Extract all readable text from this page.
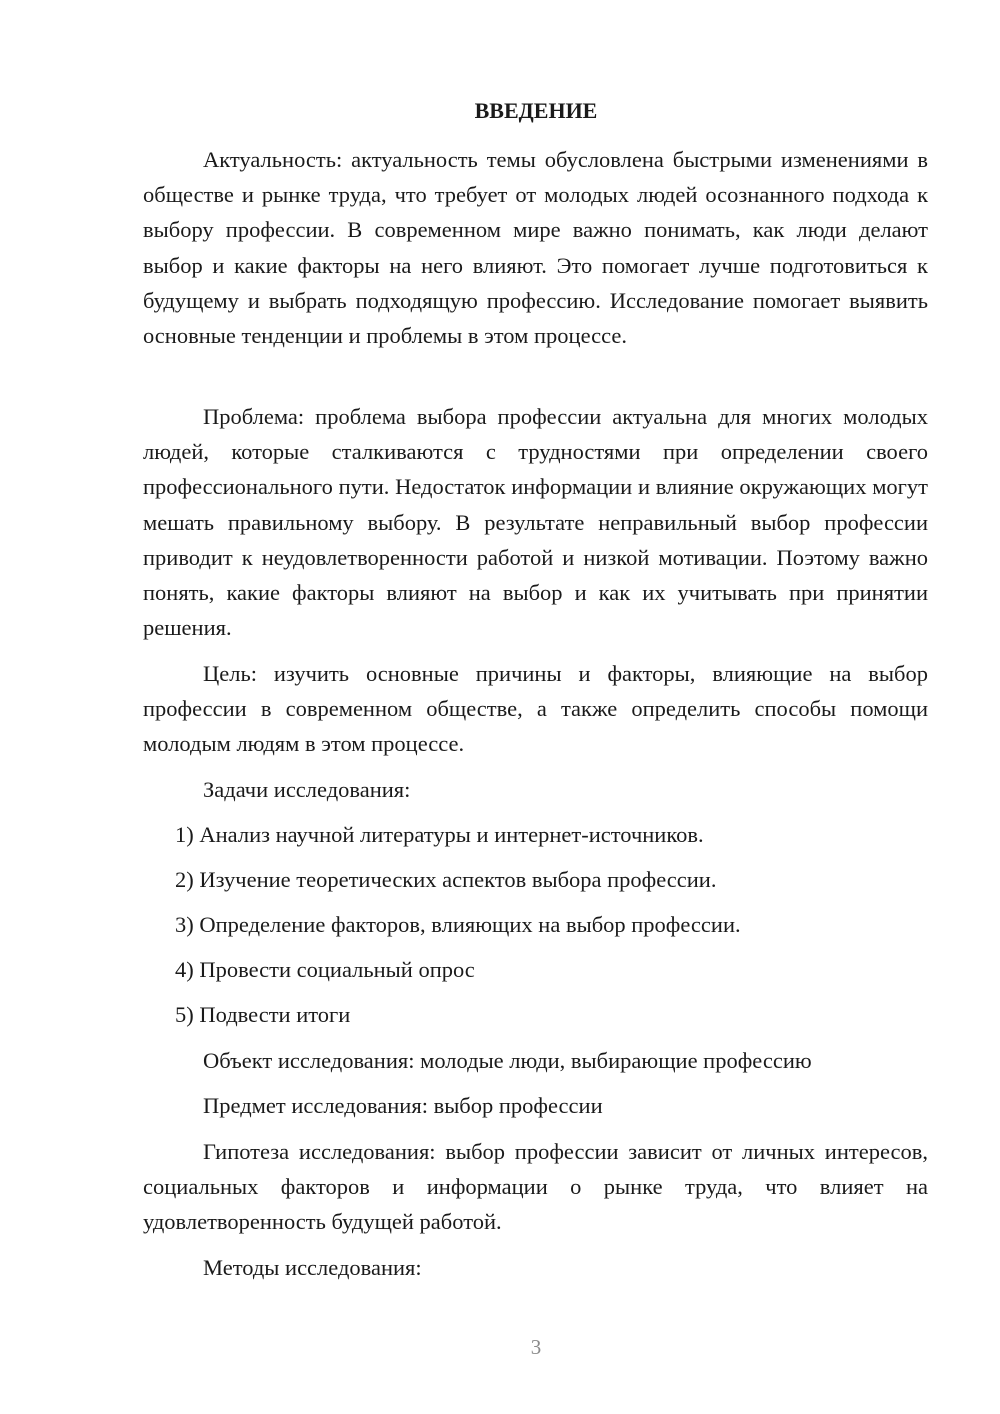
ВВЕДЕНИЕ

Актуальность: актуальность темы обусловлена быстрыми изменениями в обществе и рынке труда, что требует от молодых людей осознанного подхода к выбору профессии. В современном мире важно понимать, как люди делают выбор и какие факторы на него влияют. Это помогает лучше подготовиться к будущему и выбрать подходящую профессию. Исследование помогает выявить основные тенденции и проблемы в этом процессе.

Проблема: проблема выбора профессии актуальна для многих молодых людей, которые сталкиваются с трудностями при определении своего профессионального пути. Недостаток информации и влияние окружающих могут мешать правильному выбору. В результате неправильный выбор профессии приводит к неудовлетворенности работой и низкой мотивации. Поэтому важно понять, какие факторы влияют на выбор и как их учитывать при принятии решения.

Цель: изучить основные причины и факторы, влияющие на выбор профессии в современном обществе, а также определить способы помощи молодым людям в этом процессе.

Задачи исследования:

1) Анализ научной литературы и интернет-источников.

2) Изучение теоретических аспектов выбора профессии.

3) Определение факторов, влияющих на выбор профессии.

4) Провести социальный опрос

5) Подвести итоги

Объект исследования: молодые люди, выбирающие профессию

Предмет исследования: выбор профессии

Гипотеза исследования: выбор профессии зависит от личных интересов, социальных факторов и информации о рынке труда, что влияет на удовлетворенность будущей работой.

Методы исследования:

3
